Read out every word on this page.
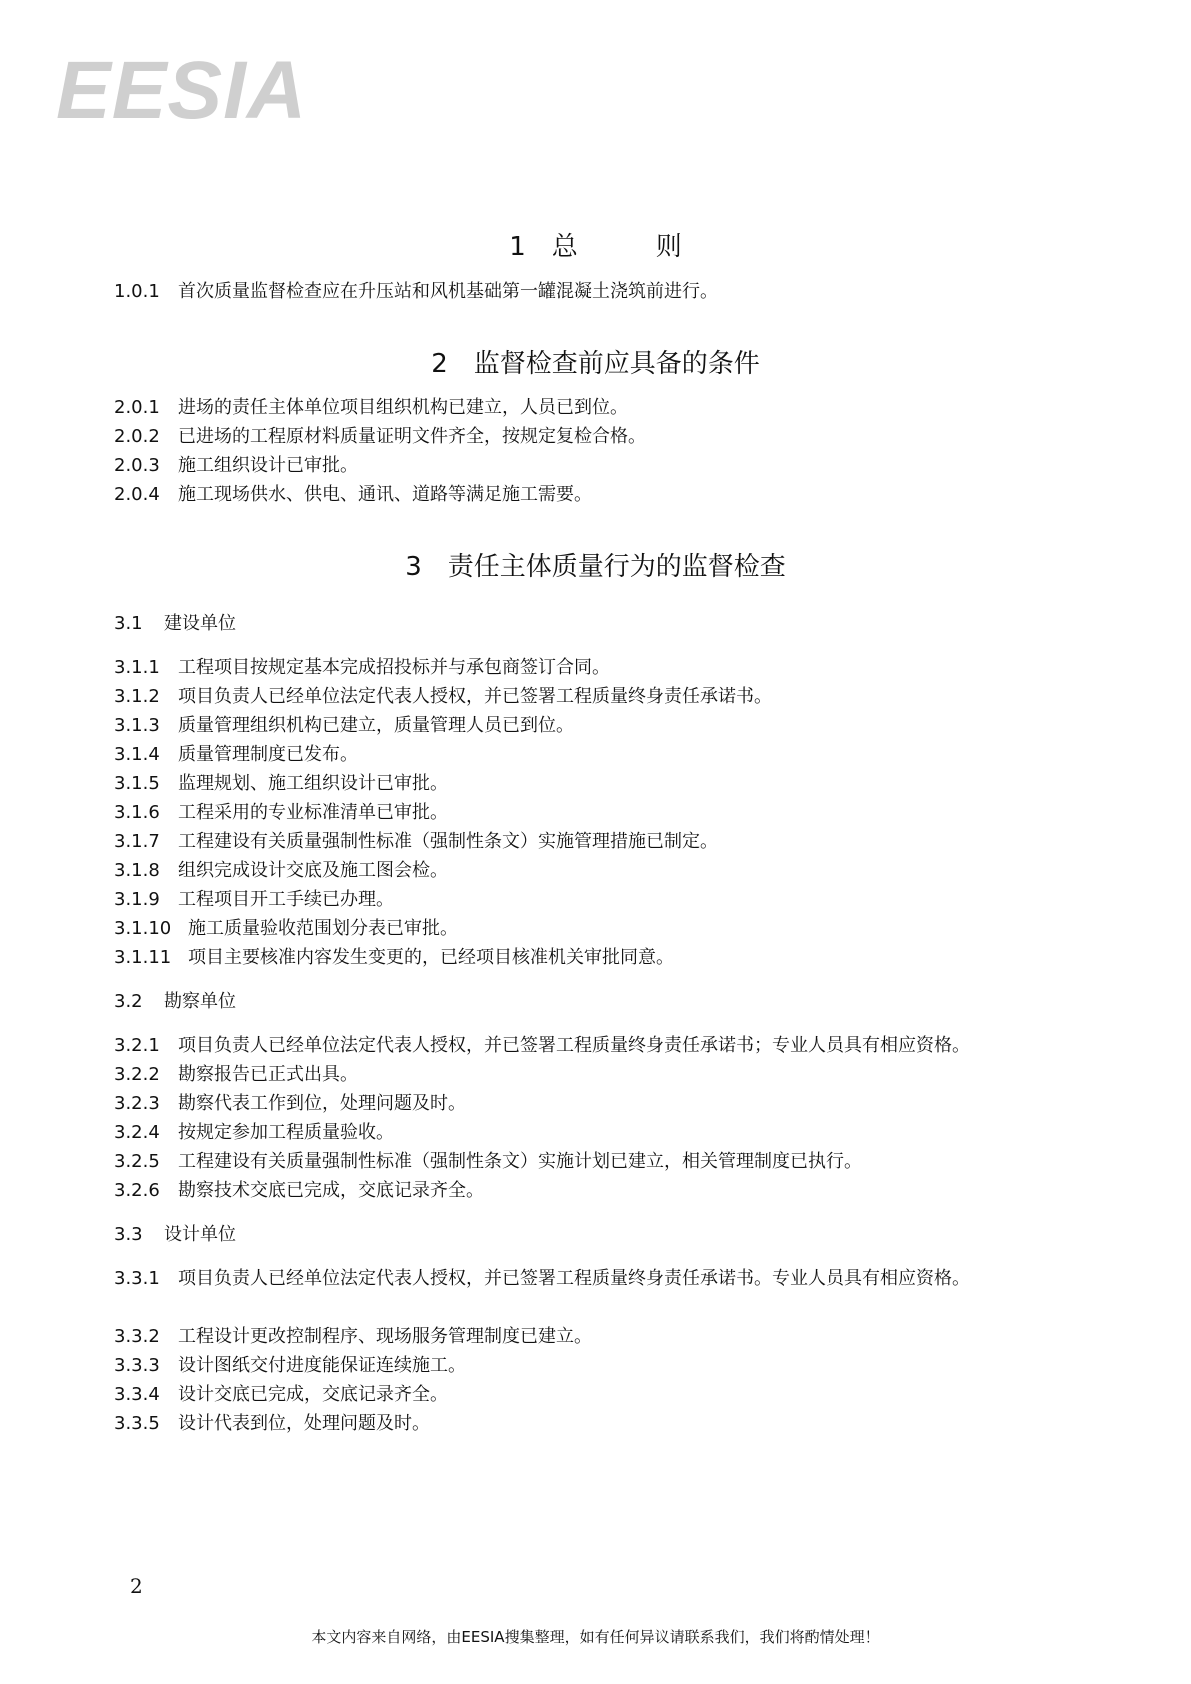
EESIA
1 总　　　则
1.0.1 首次质量监督检查应在升压站和风机基础第一罐混凝土浇筑前进行。
2 监督检查前应具备的条件
2.0.1 进场的责任主体单位项目组织机构已建立，人员已到位。
2.0.2 已进场的工程原材料质量证明文件齐全，按规定复检合格。
2.0.3 施工组织设计已审批。
2.0.4 施工现场供水、供电、通讯、道路等满足施工需要。
3 责任主体质量行为的监督检查
3.1 建设单位
3.1.1 工程项目按规定基本完成招投标并与承包商签订合同。
3.1.2 项目负责人已经单位法定代表人授权，并已签署工程质量终身责任承诺书。
3.1.3 质量管理组织机构已建立，质量管理人员已到位。
3.1.4 质量管理制度已发布。
3.1.5 监理规划、施工组织设计已审批。
3.1.6 工程采用的专业标准清单已审批。
3.1.7 工程建设有关质量强制性标准（强制性条文）实施管理措施已制定。
3.1.8 组织完成设计交底及施工图会检。
3.1.9 工程项目开工手续已办理。
3.1.10 施工质量验收范围划分表已审批。
3.1.11 项目主要核准内容发生变更的，已经项目核准机关审批同意。
3.2 勘察单位
3.2.1 项目负责人已经单位法定代表人授权，并已签署工程质量终身责任承诺书；专业人员具有相应资格。
3.2.2 勘察报告已正式出具。
3.2.3 勘察代表工作到位，处理问题及时。
3.2.4 按规定参加工程质量验收。
3.2.5 工程建设有关质量强制性标准（强制性条文）实施计划已建立，相关管理制度已执行。
3.2.6 勘察技术交底已完成，交底记录齐全。
3.3 设计单位
3.3.1 项目负责人已经单位法定代表人授权，并已签署工程质量终身责任承诺书。专业人员具有相应资格。
3.3.2 工程设计更改控制程序、现场服务管理制度已建立。
3.3.3 设计图纸交付进度能保证连续施工。
3.3.4 设计交底已完成，交底记录齐全。
3.3.5 设计代表到位，处理问题及时。
2
本文内容来自网络，由EESIA搜集整理，如有任何异议请联系我们，我们将酌情处理！
